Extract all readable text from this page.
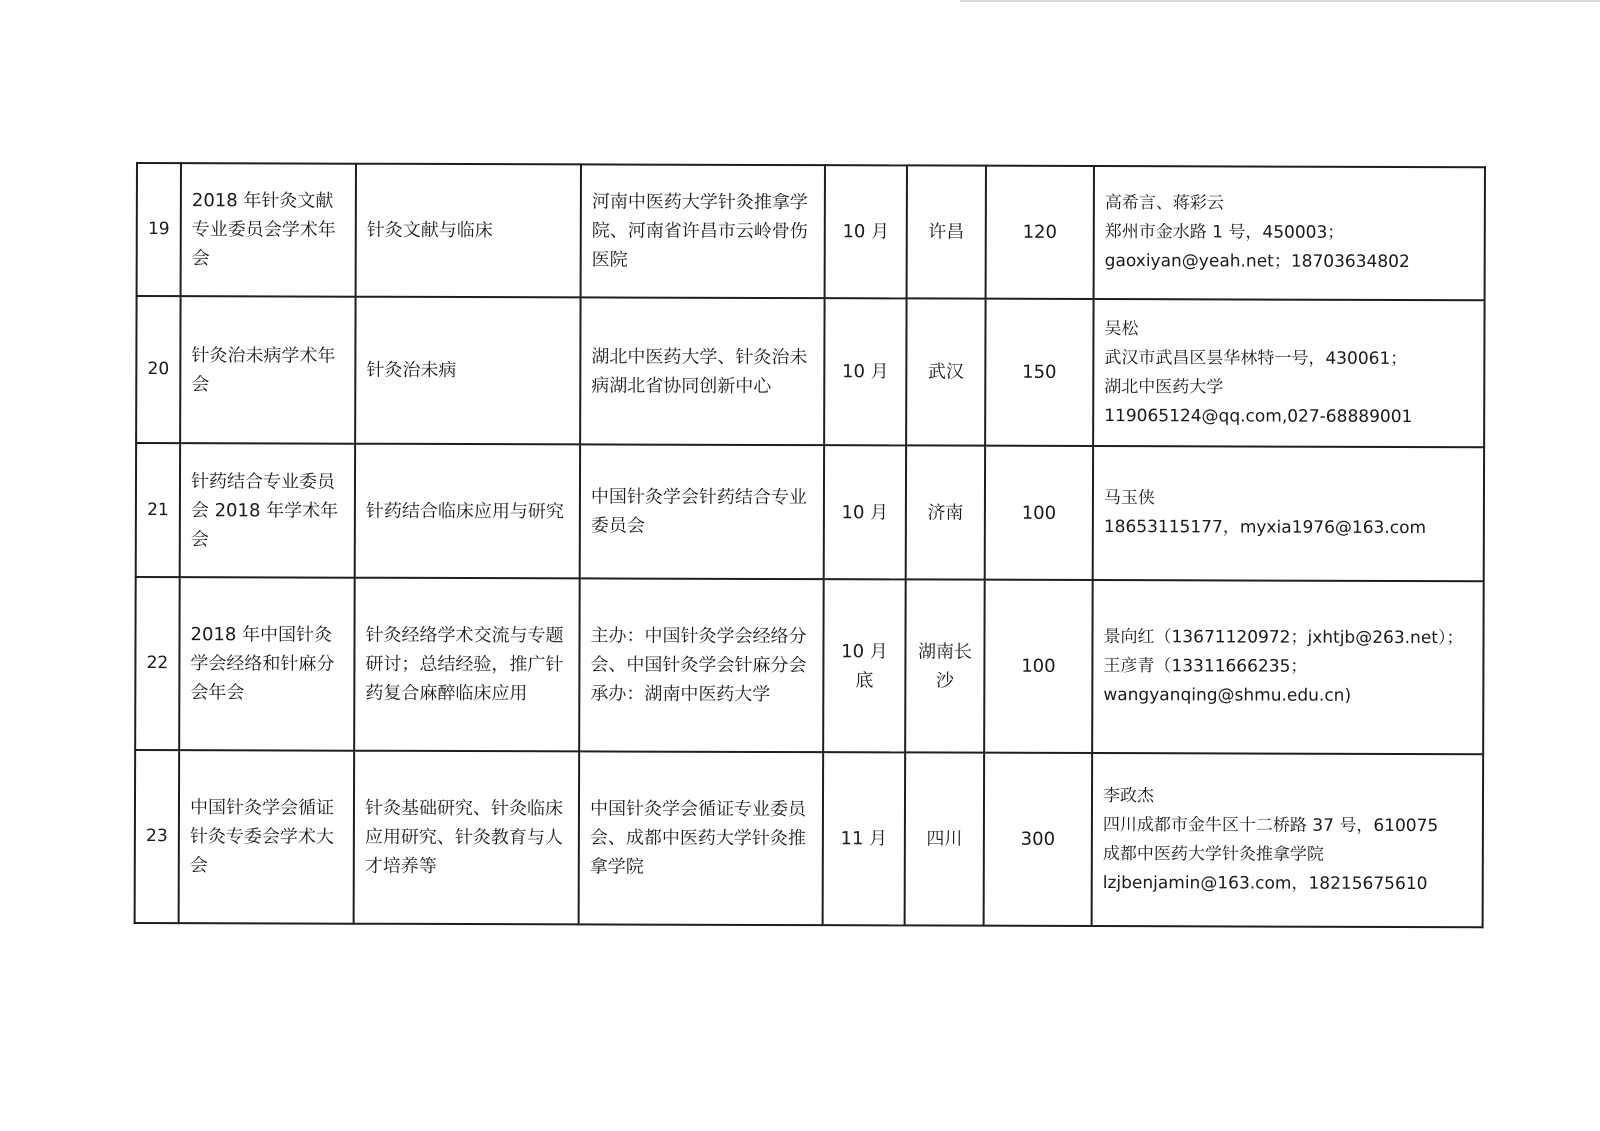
19	2018 年针灸文献专业委员会学术年会	针灸文献与临床	河南中医药大学针灸推拿学院、河南省许昌市云岭骨伤医院	10 月	许昌	120	高希言、蒋彩云
郑州市金水路 1 号，450003；
gaoxiyan@yeah.net；18703634802
20	针灸治未病学术年会	针灸治未病	湖北中医药大学、针灸治未病湖北省协同创新中心	10 月	武汉	150	吴松
武汉市武昌区昙华林特一号，430061；
湖北中医药大学
119065124@qq.com,027-68889001
21	针药结合专业委员会 2018 年学术年会	针药结合临床应用与研究	中国针灸学会针药结合专业委员会	10 月	济南	100	马玉侠
18653115177，myxia1976@163.com
22	2018 年中国针灸学会经络和针麻分会年会	针灸经络学术交流与专题研讨；总结经验，推广针药复合麻醉临床应用	主办：中国针灸学会经络分会、中国针灸学会针麻分会
承办：湖南中医药大学	10 月
底	湖南长沙	100	景向红（13671120972；jxhtjb@263.net）；
王彦青（13311666235；
wangyanqing@shmu.edu.cn)
23	中国针灸学会循证针灸专委会学术大会	针灸基础研究、针灸临床应用研究、针灸教育与人才培养等	中国针灸学会循证专业委员会、成都中医药大学针灸推拿学院	11 月	四川	300	李政杰
四川成都市金牛区十二桥路 37 号，610075
成都中医药大学针灸推拿学院
lzjbenjamin@163.com，18215675610
